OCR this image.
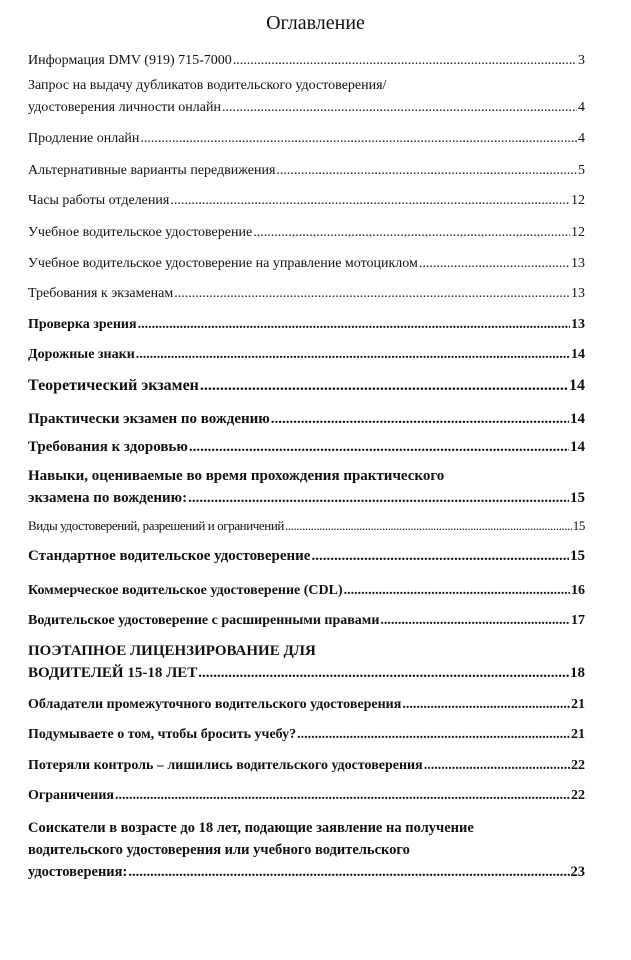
Оглавление
Информация DMV (919) 715-7000 .....	3
Запрос на выдачу дубликатов водительского удостоверения/
удостоверения личности онлайн .....	4
Продление онлайн .....	4
Альтернативные варианты передвижения .....	5
Часы работы отделения .....	12
Учебное водительское удостоверение .....	12
Учебное водительское удостоверение на управление мотоциклом .....	13
Требования к экзаменам .....	13
Проверка зрения .....	13
Дорожные знаки .....	14
Теоретический экзамен .....	14
Практически экзамен по вождению .....	14
Требования к здоровью .....	14
Навыки, оцениваемые во время прохождения практического
экзамена по вождению: .....	15
Виды удостоверений, разрешений и ограничений .....	15
Стандартное водительское удостоверение .....	15
Коммерческое водительское удостоверение (CDL) .....	16
Водительское удостоверение с расширенными правами .....	17
ПОЭТАПНОЕ ЛИЦЕНЗИРОВАНИЕ ДЛЯ
ВОДИТЕЛЕЙ 15-18 ЛЕТ .....	18
Обладатели промежуточного водительского удостоверения .....	21
Подумываете о том, чтобы бросить учебу? .....	21
Потеряли контроль – лишились водительского удостоверения .....	22
Ограничения .....	22
Соискатели в возрасте до 18 лет, подающие заявление на получение
водительского удостоверения или учебного водительского
удостоверения: .....	23
